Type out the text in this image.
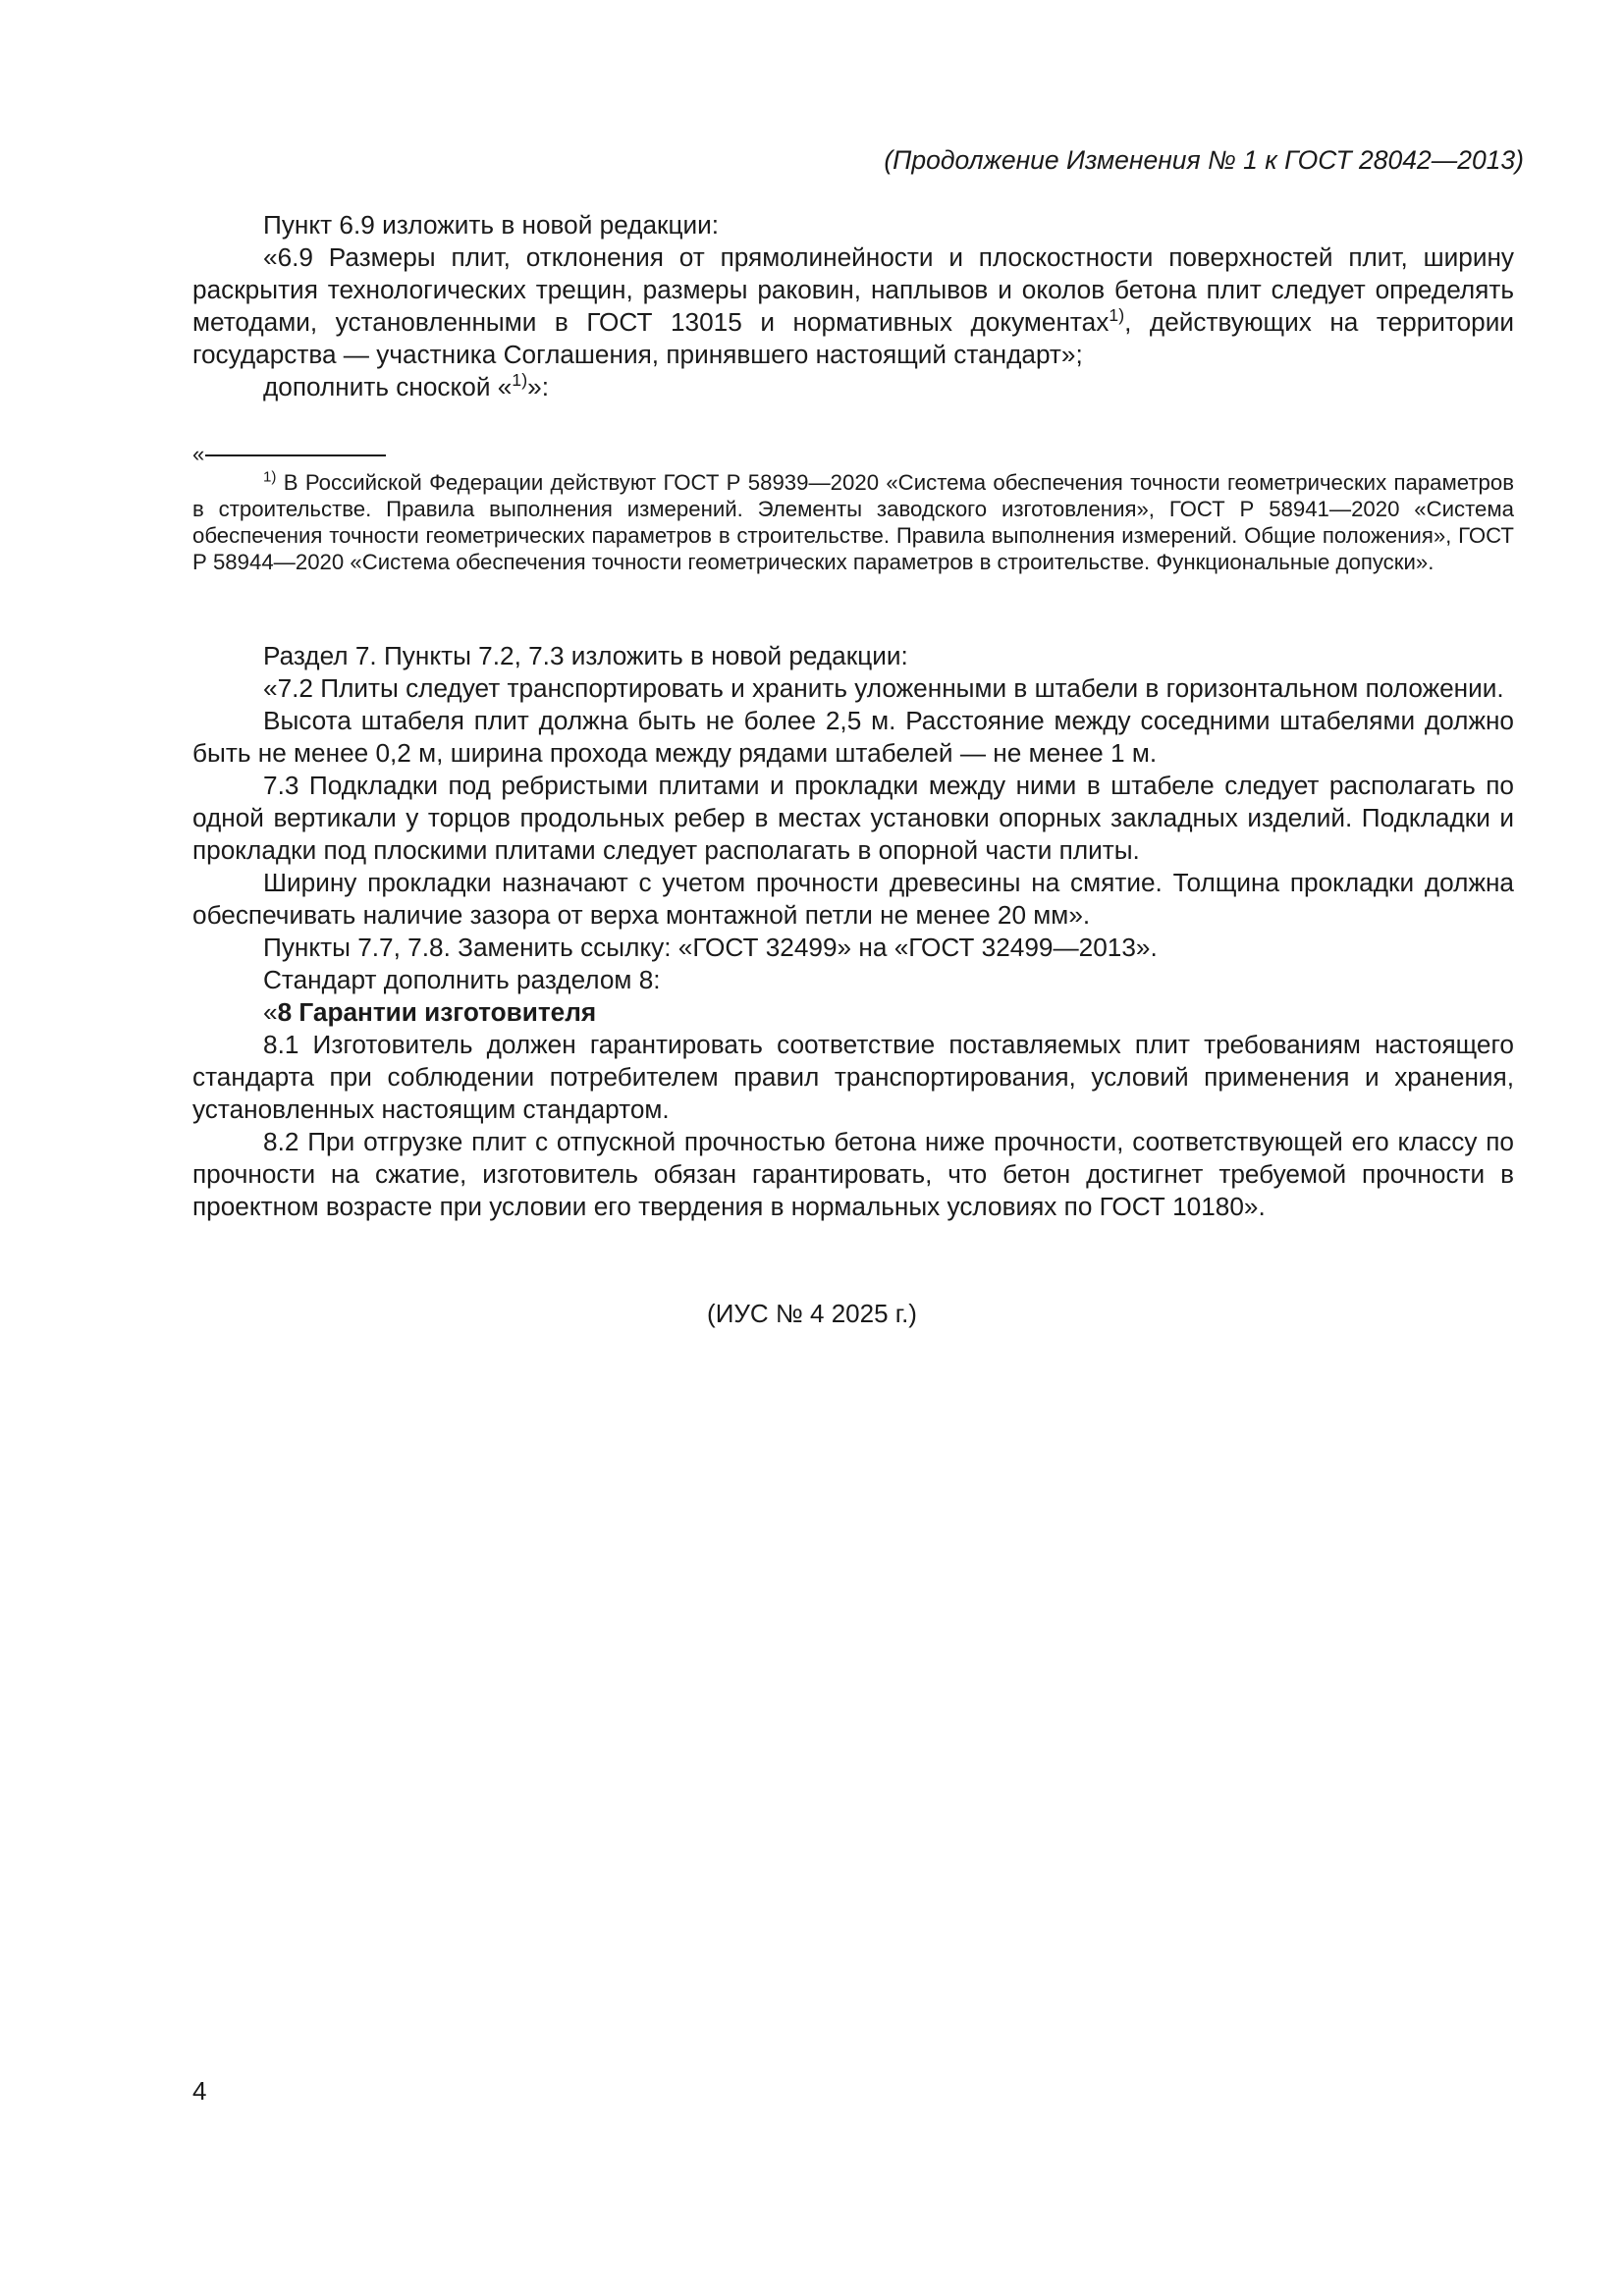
(Продолжение Изменения № 1 к ГОСТ 28042—2013)

Пункт 6.9 изложить в новой редакции:

«6.9 Размеры плит, отклонения от прямолинейности и плоскостности поверхностей плит, ширину раскрытия технологических трещин, размеры раковин, наплывов и околов бетона плит следует определять методами, установленными в ГОСТ 13015 и нормативных документах$^{1)}$, действующих на территории государства — участника Соглашения, принявшего настоящий стандарт»;

дополнить сноской «$^{1)}$»:

«

$^{1)}$ В Российской Федерации действуют ГОСТ Р 58939—2020 «Система обеспечения точности геометрических параметров в строительстве. Правила выполнения измерений. Элементы заводского изготовления», ГОСТ Р 58941—2020 «Система обеспечения точности геометрических параметров в строительстве. Правила выполнения измерений. Общие положения», ГОСТ Р 58944—2020 «Система обеспечения точности геометрических параметров в строительстве. Функциональные допуски».

Раздел 7. Пункты 7.2, 7.3 изложить в новой редакции:

«7.2 Плиты следует транспортировать и хранить уложенными в штабели в горизонтальном положении.

Высота штабеля плит должна быть не более 2,5 м. Расстояние между соседними штабелями должно быть не менее 0,2 м, ширина прохода между рядами штабелей — не менее 1 м.

7.3 Подкладки под ребристыми плитами и прокладки между ними в штабеле следует располагать по одной вертикали у торцов продольных ребер в местах установки опорных закладных изделий. Подкладки и прокладки под плоскими плитами следует располагать в опорной части плиты.

Ширину прокладки назначают с учетом прочности древесины на смятие. Толщина прокладки должна обеспечивать наличие зазора от верха монтажной петли не менее 20 мм».

Пункты 7.7, 7.8. Заменить ссылку: «ГОСТ 32499» на «ГОСТ 32499—2013».

Стандарт дополнить разделом 8:

«8 Гарантии изготовителя

8.1 Изготовитель должен гарантировать соответствие поставляемых плит требованиям настоящего стандарта при соблюдении потребителем правил транспортирования, условий применения и хранения, установленных настоящим стандартом.

8.2 При отгрузке плит с отпускной прочностью бетона ниже прочности, соответствующей его классу по прочности на сжатие, изготовитель обязан гарантировать, что бетон достигнет требуемой прочности в проектном возрасте при условии его твердения в нормальных условиях по ГОСТ 10180».

(ИУС № 4 2025 г.)
4
